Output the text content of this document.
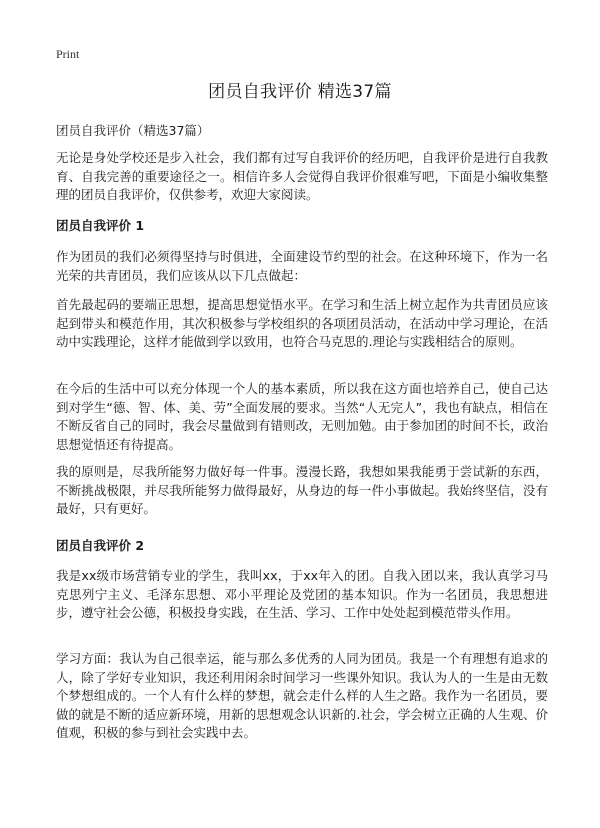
Print
团员自我评价 精选37篇
团员自我评价（精选37篇）

无论是身处学校还是步入社会，我们都有过写自我评价的经历吧，自我评价是进行自我教育、自我完善的重要途径之一。相信许多人会觉得自我评价很难写吧，下面是小编收集整理的团员自我评价，仅供参考，欢迎大家阅读。

团员自我评价 1

作为团员的我们必须得坚持与时俱进，全面建设节约型的社会。在这种环境下，作为一名光荣的共青团员，我们应该从以下几点做起：

首先最起码的要端正思想，提高思想觉悟水平。在学习和生活上树立起作为共青团员应该起到带头和模范作用，其次积极参与学校组织的各项团员活动，在活动中学习理论，在活动中实践理论，这样才能做到学以致用，也符合马克思的.理论与实践相结合的原则。

在今后的生活中可以充分体现一个人的基本素质，所以我在这方面也培养自己，使自己达到对学生“德、智、体、美、劳”全面发展的要求。当然“人无完人”，我也有缺点，相信在不断反省自己的同时，我会尽量做到有错则改，无则加勉。由于参加团的时间不长，政治思想觉悟还有待提高。

我的原则是，尽我所能努力做好每一件事。漫漫长路，我想如果我能勇于尝试新的东西，不断挑战极限，并尽我所能努力做得最好，从身边的每一件小事做起。我始终坚信，没有最好，只有更好。

团员自我评价 2

我是xx级市场营销专业的学生，我叫xx，于xx年入的团。自我入团以来，我认真学习马克思列宁主义、毛泽东思想、邓小平理论及党团的基本知识。作为一名团员，我思想进步，遵守社会公德，积极投身实践，在生活、学习、工作中处处起到模范带头作用。

学习方面：我认为自己很幸运，能与那么多优秀的人同为团员。我是一个有理想有追求的人，除了学好专业知识，我还利用闲余时间学习一些课外知识。我认为人的一生是由无数个梦想组成的。一个人有什么样的梦想，就会走什么样的人生之路。我作为一名团员，要做的就是不断的适应新环境，用新的思想观念认识新的.社会，学会树立正确的人生观、价值观，积极的参与到社会实践中去。
